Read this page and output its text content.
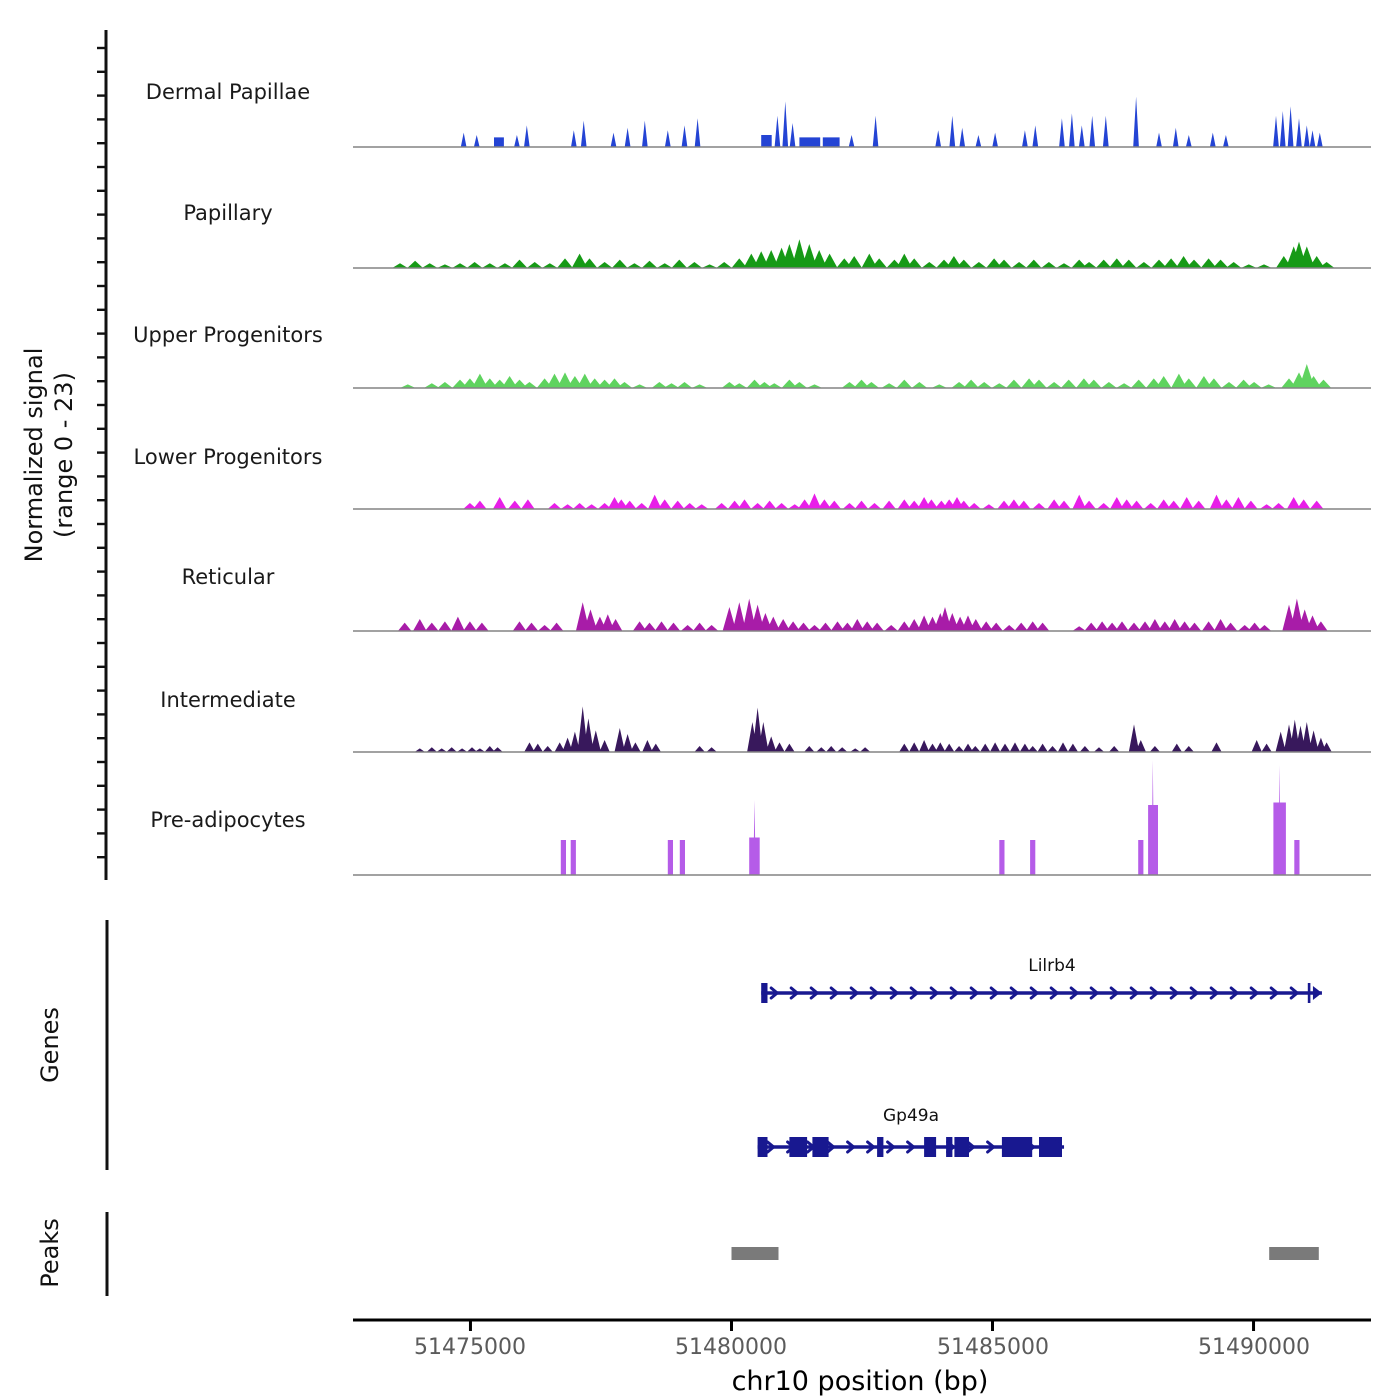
Dermal Papillae
Papillary
Upper Progenitors
Lower Progenitors
Reticular
Intermediate
Pre-adipocytes
Normalized signal (range 0 - 23)
Genes
Peaks
Lilrb4
Gp49a
51475000	51480000	51485000	51490000
chr10 position (bp)
